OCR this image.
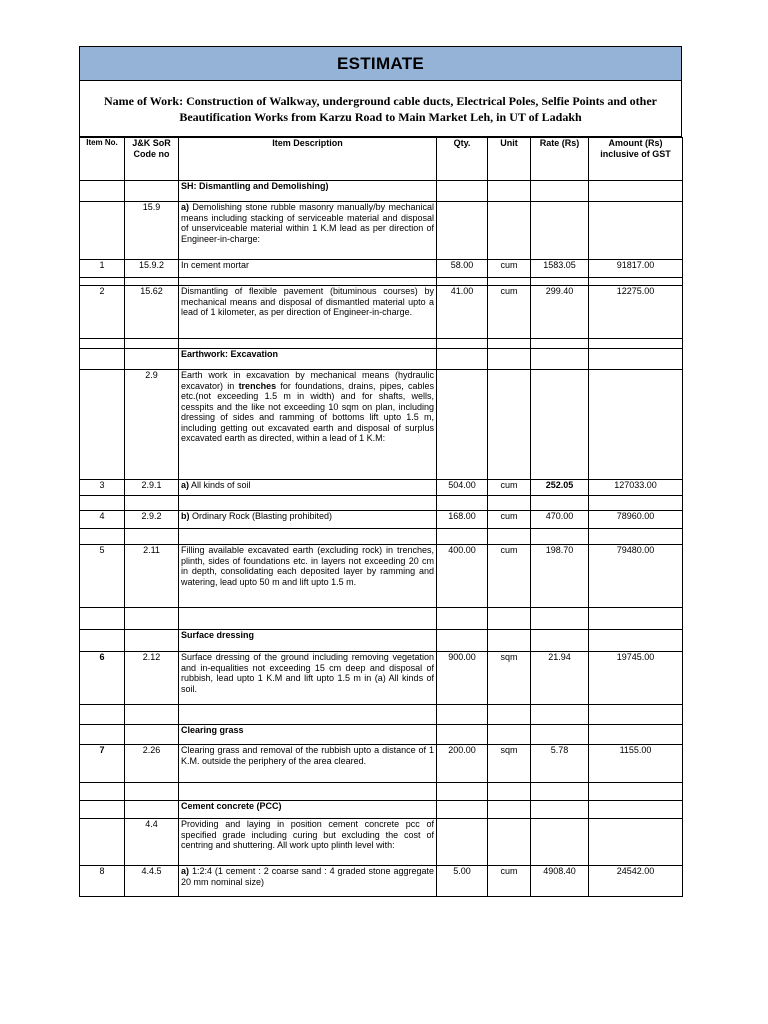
ESTIMATE
Name of Work: Construction of Walkway, underground cable ducts, Electrical Poles, Selfie Points and other Beautification Works from Karzu Road to Main Market Leh, in UT of Ladakh
Item No.	J&K SoR Code no	Item Description	Qty.	Unit	Rate (Rs)	Amount (Rs) inclusive of GST
		SH: Dismantling and Demolishing)				
	15.9	a) Demolishing stone rubble masonry manually/by mechanical means including stacking of serviceable material and disposal of unserviceable material within 1 K.M lead as per direction of Engineer-in-charge:				
1	15.9.2	In cement mortar	58.00	cum	1583.05	91817.00

2	15.62	Dismantling of flexible pavement (bituminous courses) by mechanical means and disposal of dismantled material upto a lead of 1 kilometer, as per direction of Engineer-in-charge.	41.00	cum	299.40	12275.00

		Earthwork: Excavation				
	2.9	Earth work in excavation by mechanical means (hydraulic excavator) in trenches for foundations, drains, pipes, cables etc.(not exceeding 1.5 m in width) and for shafts, wells, cesspits and the like not exceeding 10 sqm on plan, including dressing of sides and ramming of bottoms lift upto 1.5 m, including getting out excavated earth and disposal of surplus excavated earth as directed, within a lead of 1 K.M:				
3	2.9.1	a) All kinds of soil	504.00	cum	252.05	127033.00

4	2.9.2	b) Ordinary Rock (Blasting prohibited)	168.00	cum	470.00	78960.00

5	2.11	Filling available excavated earth (excluding rock) in trenches, plinth, sides of foundations etc. in layers not exceeding 20 cm in depth, consolidating each deposited layer by ramming and watering, lead upto 50 m and lift upto 1.5 m.	400.00	cum	198.70	79480.00

		Surface dressing				
6	2.12	Surface dressing of the ground including removing vegetation and in-equalities not exceeding 15 cm deep and disposal of rubbish, lead upto 1 K.M and lift upto 1.5 m in (a) All kinds of soil.	900.00	sqm	21.94	19745.00

		Clearing grass				
7	2.26	Clearing grass and removal of the rubbish upto a distance of 1 K.M. outside the periphery of the area cleared.	200.00	sqm	5.78	1155.00

		Cement concrete (PCC)				
	4.4	Providing and laying in position cement concrete pcc of specified grade including curing but excluding the cost of centring and shuttering. All work upto plinth level with:				
8	4.4.5	a) 1:2:4 (1 cement : 2 coarse sand : 4 graded stone aggregate 20 mm nominal size)	5.00	cum	4908.40	24542.00
